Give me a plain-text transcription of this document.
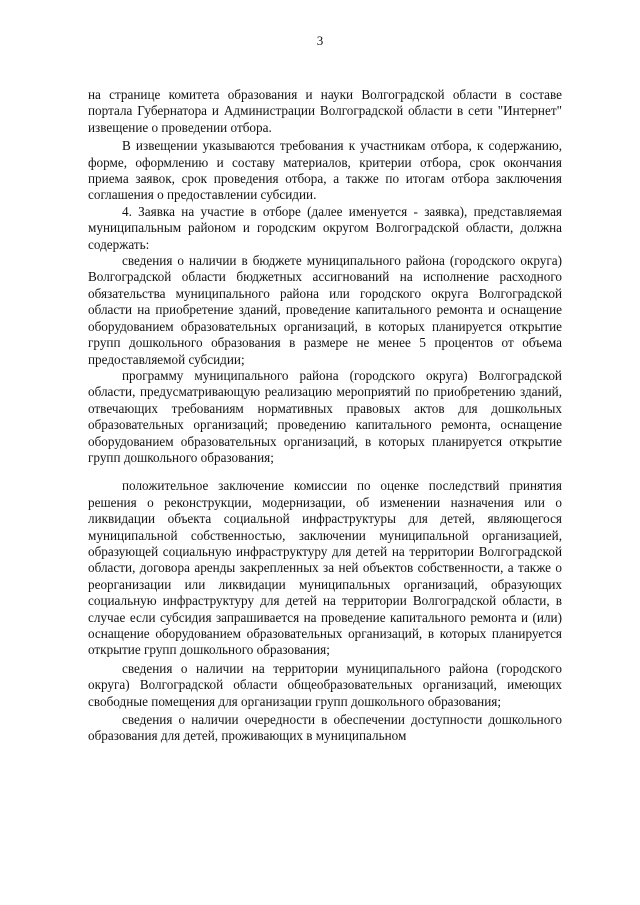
3

на странице комитета образования и науки Волгоградской области в составе портала Губернатора и Администрации Волгоградской области в сети "Интернет" извещение о проведении отбора.

В извещении указываются требования к участникам отбора, к содержанию, форме, оформлению и составу материалов, критерии отбора, срок окончания приема заявок, срок проведения отбора, а также по итогам отбора заключения соглашения о предоставлении субсидии.

4. Заявка на участие в отборе (далее именуется - заявка), представляемая муниципальным районом и городским округом Волгоградской области, должна содержать:

сведения о наличии в бюджете муниципального района (городского округа) Волгоградской области бюджетных ассигнований на исполнение расходного обязательства муниципального района или городского округа Волгоградской области на приобретение зданий, проведение капитального ремонта и оснащение оборудованием образовательных организаций, в которых планируется открытие групп дошкольного образования в размере не менее 5 процентов от объема предоставляемой субсидии;

программу муниципального района (городского округа) Волгоградской области, предусматривающую реализацию мероприятий по приобретению зданий, отвечающих требованиям нормативных правовых актов для дошкольных образовательных организаций; проведению капитального ремонта, оснащение оборудованием образовательных организаций, в которых планируется открытие групп дошкольного образования;

положительное заключение комиссии по оценке последствий принятия решения о реконструкции, модернизации, об изменении назначения или о ликвидации объекта социальной инфраструктуры для детей, являющегося муниципальной собственностью, заключении муниципальной организацией, образующей социальную инфраструктуру для детей на территории Волгоградской области, договора аренды закрепленных за ней объектов собственности, а также о реорганизации или ликвидации муниципальных организаций, образующих социальную инфраструктуру для детей на территории Волгоградской области, в случае если субсидия запрашивается на проведение капитального ремонта и (или) оснащение оборудованием образовательных организаций, в которых планируется открытие групп дошкольного образования;

сведения о наличии на территории муниципального района (городского округа) Волгоградской области общеобразовательных организаций, имеющих свободные помещения для организации групп дошкольного образования;

сведения о наличии очередности в обеспечении доступности дошкольного образования для детей, проживающих в муниципальном
